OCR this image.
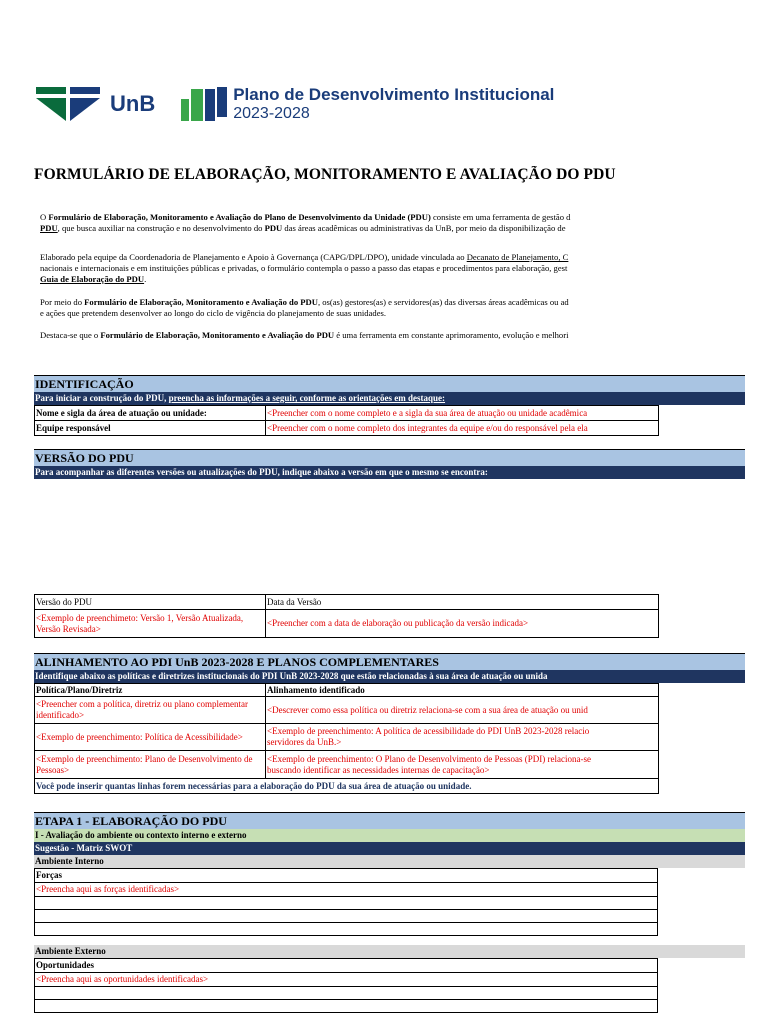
UnB	Plano de Desenvolvimento Institucional
2023-2028
FORMULÁRIO DE ELABORAÇÃO, MONITORAMENTO E AVALIAÇÃO DO PDU

O Formulário de Elaboração, Monitoramento e Avaliação do Plano de Desenvolvimento da Unidade (PDU) consiste em uma ferramenta de gestão d

PDU, que busca auxiliar na construção e no desenvolvimento do PDU das áreas acadêmicas ou administrativas da UnB, por meio da disponibilização de

Elaborado pela equipe da Coordenadoria de Planejamento e Apoio à Governança (CAPG/DPL/DPO), unidade vinculada ao Decanato de Planejamento, C

nacionais e internacionais e em instituições públicas e privadas, o formulário contempla o passo a passo das etapas e procedimentos para elaboração, gest

Guia de Elaboração do PDU.

Por meio do Formulário de Elaboração, Monitoramento e Avaliação do PDU, os(as) gestores(as) e servidores(as) das diversas áreas acadêmicas ou ad

e ações que pretendem desenvolver ao longo do ciclo de vigência do planejamento de suas unidades.

Destaca-se que o Formulário de Elaboração, Monitoramento e Avaliação do PDU é uma ferramenta em constante aprimoramento, evolução e melhori

IDENTIFICAÇÃO
Para iniciar a construção do PDU, preencha as informações a seguir, conforme as orientações em destaque:
Nome e sigla da área de atuação ou unidade:	<Preencher com o nome completo e a sigla da sua área de atuação ou unidade acadêmica
Equipe responsável	<Preencher com o nome completo dos integrantes da equipe e/ou do responsável pela ela
VERSÃO DO PDU
Para acompanhar as diferentes versões ou atualizações do PDU, indique abaixo a versão em que o mesmo se encontra:
Versão do PDU	Data da Versão
<Exemplo de preenchimeto: Versão 1, Versão Atualizada, Versão Revisada>	<Preencher com a data de elaboração ou publicação da versão indicada>
ALINHAMENTO AO PDI UnB 2023-2028 E PLANOS COMPLEMENTARES
Identifique abaixo as políticas e diretrizes institucionais do PDI UnB 2023-2028 que estão relacionadas à sua área de atuação ou unida
Política/Plano/Diretriz	Alinhamento identificado
<Preencher com a política, diretriz ou plano complementar identificado>	<Descrever como essa política ou diretriz relaciona-se com a sua área de atuação ou unid
<Exemplo de preenchimento: Política de Acessibilidade>	<Exemplo de preenchimento: A política de acessibilidade do PDI UnB 2023-2028 relacio
servidores da UnB.>

<Exemplo de preenchimento: Plano de Desenvolvimento de Pessoas>	<Exemplo de preenchimento: O Plano de Desenvolvimento de Pessoas (PDI) relaciona-se
buscando identificar as necessidades internas de capacitação>

Você pode inserir quantas linhas forem necessárias para a elaboração do PDU da sua área de atuação ou unidade.	
ETAPA 1 - ELABORAÇÃO DO PDU
I - Avaliação do ambiente ou contexto interno e externo
Sugestão - Matriz SWOT
Ambiente Interno
Forças
<Preencha aqui as forças identificadas>

Ambiente Externo
Oportunidades
<Preencha aqui as oportunidades identificadas>
